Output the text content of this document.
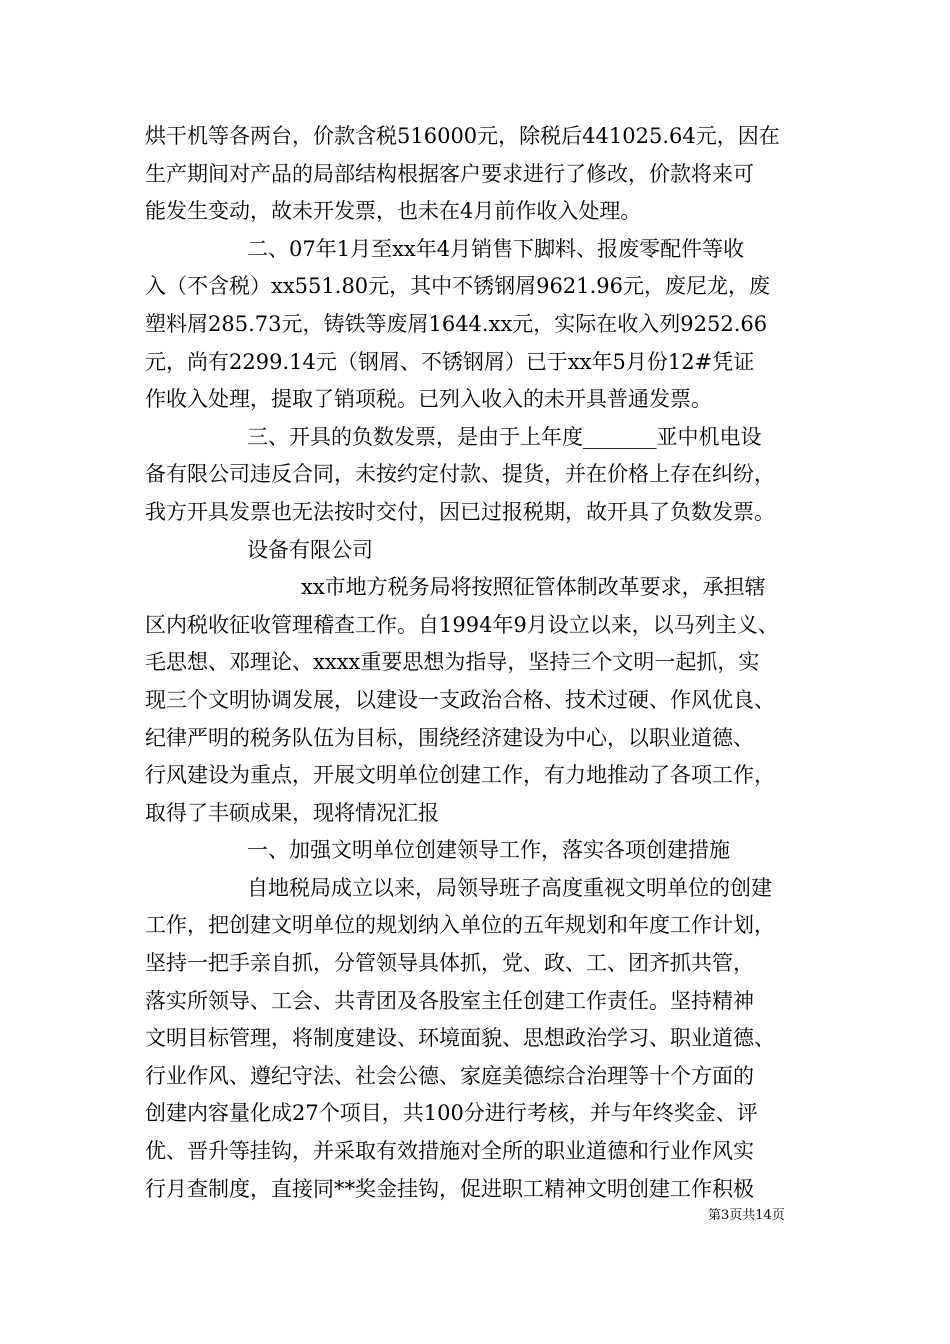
烘干机等各两台，价款含税516000元，除税后441025.64元，因在
生产期间对产品的局部结构根据客户要求进行了修改，价款将来可
能发生变动，故未开发票，也未在4月前作收入处理。
二、07年1月至xx年4月销售下脚料、报废零配件等收
入（不含税）xx551.80元，其中不锈钢屑9621.96元，废尼龙，废
塑料屑285.73元，铸铁等废屑1644.xx元，实际在收入列9252.66
元，尚有2299.14元（钢屑、不锈钢屑）已于xx年5月份12#凭证
作收入处理，提取了销项税。已列入收入的未开具普通发票。
三、开具的负数发票，是由于上年度_______亚中机电设
备有限公司违反合同，未按约定付款、提货，并在价格上存在纠纷，
我方开具发票也无法按时交付，因已过报税期，故开具了负数发票。
设备有限公司
xx市地方税务局将按照征管体制改革要求，承担辖
区内税收征收管理稽查工作。自1994年9月设立以来，以马列主义、
毛思想、邓理论、xxxx重要思想为指导，坚持三个文明一起抓，实
现三个文明协调发展，以建设一支政治合格、技术过硬、作风优良、
纪律严明的税务队伍为目标，围绕经济建设为中心，以职业道德、
行风建设为重点，开展文明单位创建工作，有力地推动了各项工作，
取得了丰硕成果，现将情况汇报
一、加强文明单位创建领导工作，落实各项创建措施
自地税局成立以来，局领导班子高度重视文明单位的创建
工作，把创建文明单位的规划纳入单位的五年规划和年度工作计划，
坚持一把手亲自抓，分管领导具体抓，党、政、工、团齐抓共管，
落实所领导、工会、共青团及各股室主任创建工作责任。坚持精神
文明目标管理，将制度建设、环境面貌、思想政治学习、职业道德、
行业作风、遵纪守法、社会公德、家庭美德综合治理等十个方面的
创建内容量化成27个项目，共100分进行考核，并与年终奖金、评
优、晋升等挂钩，并采取有效措施对全所的职业道德和行业作风实
行月查制度，直接同**奖金挂钩，促进职工精神文明创建工作积极
第3页共14页
